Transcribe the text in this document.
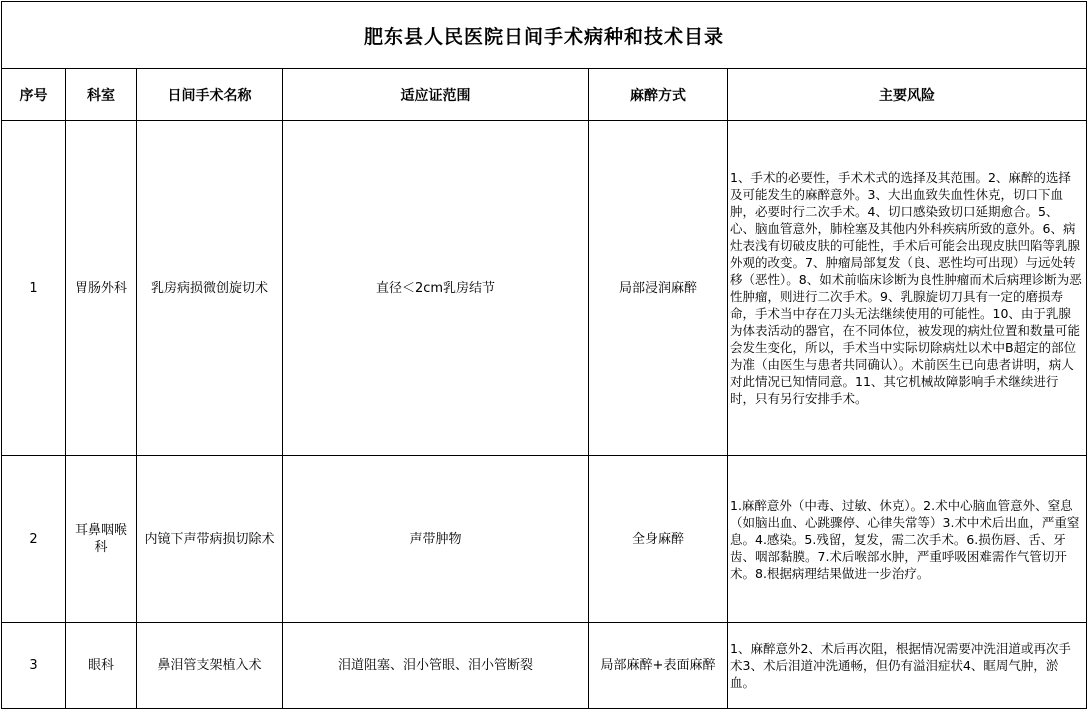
肥东县人民医院日间手术病种和技术目录					
序号	科室	日间手术名称	适应证范围	麻醉方式	主要风险
1	胃肠外科	乳房病损微创旋切术	直径＜2cm乳房结节	局部浸润麻醉	1、手术的必要性，手术术式的选择及其范围。2、麻醉的选择及可能发生的麻醉意外。3、大出血致失血性休克，切口下血肿，必要时行二次手术。4、切口感染致切口延期愈合。5、心、脑血管意外，肺栓塞及其他内外科疾病所致的意外。6、病灶表浅有切破皮肤的可能性，手术后可能会出现皮肤凹陷等乳腺外观的改变。7、肿瘤局部复发（良、恶性均可出现）与远处转移（恶性）。8、如术前临床诊断为良性肿瘤而术后病理诊断为恶性肿瘤，则进行二次手术。9、乳腺旋切刀具有一定的磨损寿命，手术当中存在刀头无法继续使用的可能性。10、由于乳腺为体表活动的器官，在不同体位，被发现的病灶位置和数量可能会发生变化，所以，手术当中实际切除病灶以术中B超定的部位为准（由医生与患者共同确认）。术前医生已向患者讲明，病人对此情况已知情同意。11、其它机械故障影响手术继续进行时，只有另行安排手术。
2	耳鼻咽喉科	内镜下声带病损切除术	声带肿物	全身麻醉	1.麻醉意外（中毒、过敏、休克）。2.术中心脑血管意外、窒息（如脑出血、心跳骤停、心律失常等）3.术中术后出血，严重窒息。4.感染。5.残留，复发，需二次手术。6.损伤唇、舌、牙齿、咽部黏膜。7.术后喉部水肿，严重呼吸困难需作气管切开术。8.根据病理结果做进一步治疗。
3	眼科	鼻泪管支架植入术	泪道阻塞、泪小管眼、泪小管断裂	局部麻醉+表面麻醉	1、麻醉意外2、术后再次阻，根据情况需要冲洗泪道或再次手术3、术后泪道冲洗通畅，但仍有溢泪症状4、眶周气肿，淤血。
